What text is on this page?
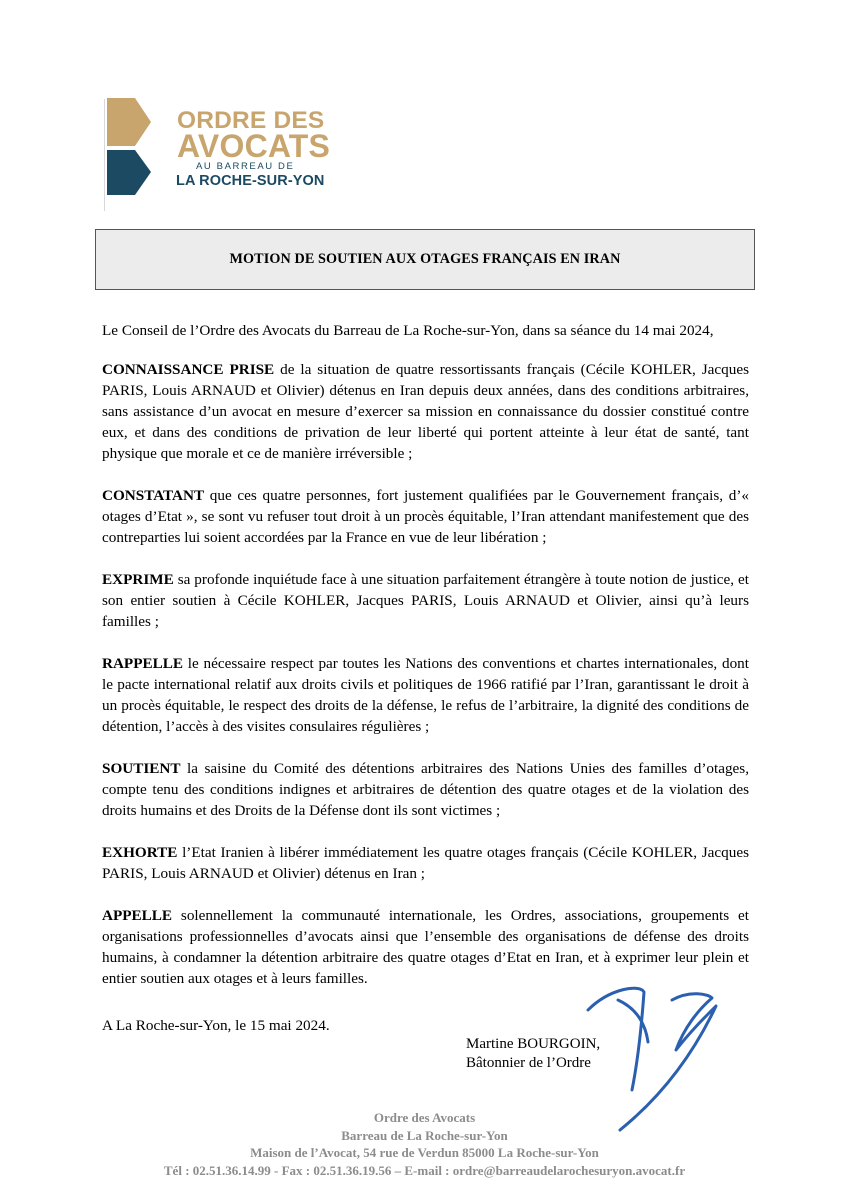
ORDRE DES
AVOCATS
AU BARREAU DE
LA ROCHE-SUR-YON
MOTION DE SOUTIEN AUX OTAGES FRANÇAIS EN IRAN

Le Conseil de l’Ordre des Avocats du Barreau de La Roche-sur-Yon, dans sa séance du 14 mai 2024,

CONNAISSANCE PRISE de la situation de quatre ressortissants français (Cécile KOHLER, Jacques PARIS, Louis ARNAUD et Olivier) détenus en Iran depuis deux années, dans des conditions arbitraires, sans assistance d’un avocat en mesure d’exercer sa mission en connaissance du dossier constitué contre eux, et dans des conditions de privation de leur liberté qui portent atteinte à leur état de santé, tant physique que morale et ce de manière irréversible ;

CONSTATANT que ces quatre personnes, fort justement qualifiées par le Gouvernement français, d’« otages d’Etat », se sont vu refuser tout droit à un procès équitable, l’Iran attendant manifestement que des contreparties lui soient accordées par la France en vue de leur libération ;

EXPRIME sa profonde inquiétude face à une situation parfaitement étrangère à toute notion de justice, et son entier soutien à Cécile KOHLER, Jacques PARIS, Louis ARNAUD et Olivier, ainsi qu’à leurs familles ;

RAPPELLE le nécessaire respect par toutes les Nations des conventions et chartes internationales, dont le pacte international relatif aux droits civils et politiques de 1966 ratifié par l’Iran, garantissant le droit à un procès équitable, le respect des droits de la défense, le refus de l’arbitraire, la dignité des conditions de détention, l’accès à des visites consulaires régulières ;

SOUTIENT la saisine du Comité des détentions arbitraires des Nations Unies des familles d’otages, compte tenu des conditions indignes et arbitraires de détention des quatre otages et de la violation des droits humains et des Droits de la Défense dont ils sont victimes ;

EXHORTE l’Etat Iranien à libérer immédiatement les quatre otages français (Cécile KOHLER, Jacques PARIS, Louis ARNAUD et Olivier) détenus en Iran ;

APPELLE solennellement la communauté internationale, les Ordres, associations, groupements et organisations professionnelles d’avocats ainsi que l’ensemble des organisations de défense des droits humains, à condamner la détention arbitraire des quatre otages d’Etat en Iran, et à exprimer leur plein et entier soutien aux otages et à leurs familles.

A La Roche-sur-Yon, le 15 mai 2024.
Martine BOURGOIN,
Bâtonnier de l’Ordre
Ordre des Avocats
Barreau de La Roche-sur-Yon
Maison de l’Avocat, 54 rue de Verdun 85000 La Roche-sur-Yon
Tél : 02.51.36.14.99 - Fax : 02.51.36.19.56 – E-mail : ordre@barreaudelarochesuryon.avocat.fr
